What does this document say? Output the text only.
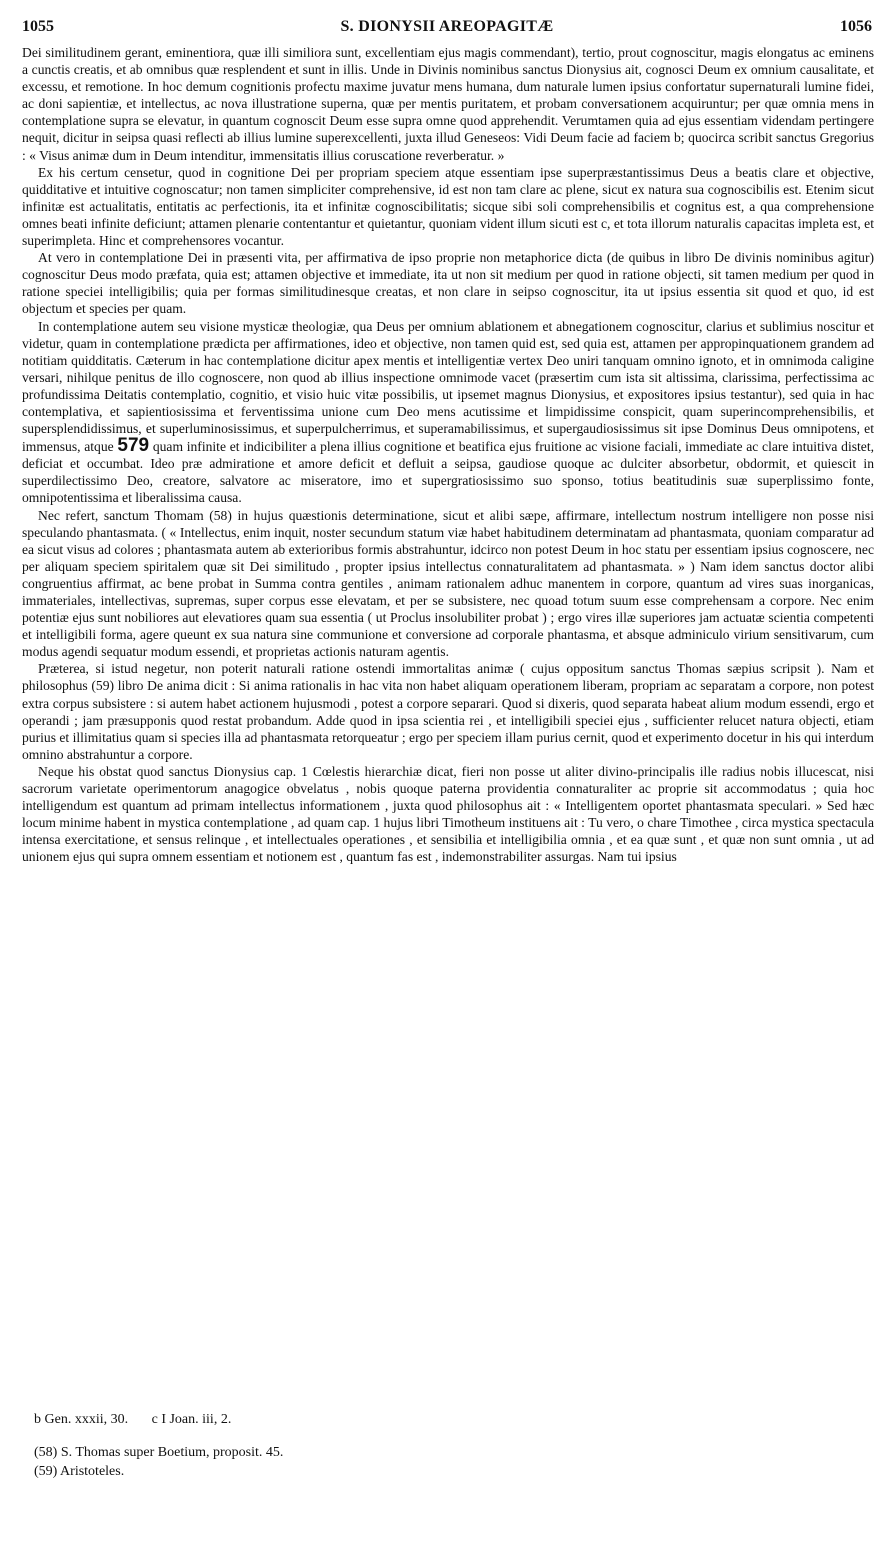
1055	S. DIONYSII AREOPAGITÆ	1056

Dei similitudinem gerant, eminentiora, quæ illi similiora sunt, excellentiam ejus magis commendant), tertio, prout cognoscitur, magis elongatus ac eminens a cunctis creatis, et ab omnibus quæ resplendent et sunt in illis. Unde in Divinis nominibus sanctus Dionysius ait, cognosci Deum ex omnium causalitate, et excessu, et remotione. In hoc demum cognitionis profectu maxime juvatur mens humana, dum naturale lumen ipsius confortatur supernaturali lumine fidei, ac doni sapientiæ, et intellectus, ac nova illustratione superna, quæ per mentis puritatem, et probam conversationem acquiruntur; per quæ omnia mens in contemplatione supra se elevatur, in quantum cognoscit Deum esse supra omne quod apprehendit. Verumtamen quia ad ejus essentiam videndam pertingere nequit, dicitur in seipsa quasi reflecti ab illius lumine superexcellenti, juxta illud Geneseos: Vidi Deum facie ad faciem b; quocirca scribit sanctus Gregorius : « Visus animæ dum in Deum intenditur, immensitatis illius coruscatione reverberatur. »

Ex his certum censetur, quod in cognitione Dei per propriam speciem atque essentiam ipse superpræstantissimus Deus a beatis clare et objective, quidditative et intuitive cognoscatur; non tamen simpliciter comprehensive, id est non tam clare ac plene, sicut ex natura sua cognoscibilis est. Etenim sicut infinitæ est actualitatis, entitatis ac perfectionis, ita et infinitæ cognoscibilitatis; sicque sibi soli comprehensibilis et cognitus est, a qua comprehensione omnes beati infinite deficiunt; attamen plenarie contentantur et quietantur, quoniam vident illum sicuti est c, et tota illorum naturalis capacitas impleta est, et superimpleta. Hinc et comprehensores vocantur.

At vero in contemplatione Dei in præsenti vita, per affirmativa de ipso proprie non metaphorice dicta (de quibus in libro De divinis nominibus agitur) cognoscitur Deus modo præfata, quia est; attamen objective et immediate, ita ut non sit medium per quod in ratione objecti, sit tamen medium per quod in ratione speciei intelligibilis; quia per formas similitudinesque creatas, et non clare in seipso cognoscitur, ita ut ipsius essentia sit quod et quo, id est objectum et species per quam.

In contemplatione autem seu visione mysticæ theologiæ, qua Deus per omnium ablationem et abnegationem cognoscitur, clarius et sublimius noscitur et videtur, quam in contemplatione prædicta per affirmationes, ideo et objective, non tamen quid est, sed quia est, attamen per appropinquationem grandem ad notitiam quidditatis. Cæterum in hac contemplatione dicitur apex mentis et intelligentiæ vertex Deo uniri tanquam omnino ignoto, et in omnimoda caligine versari, nihilque penitus de illo cognoscere, non quod ab illius inspectione omnimode vacet (præsertim cum ista sit altissima, clarissima, perfectissima ac profundissima Deitatis contemplatio, cognitio, et visio huic vitæ possibilis, ut ipsemet magnus Dionysius, et expositores ipsius testantur), sed quia in hac contemplativa, et sapientiosissima et ferventissima unione cum Deo mens acutissime et limpidissime conspicit, quam superincomprehensibilis, et supersplendidissimus, et superluminosissimus, et superpulcherrimus, et superamabilissimus, et supergaudiosissimus sit ipse Dominus Deus omnipotens, et immensus, atque 579 quam infinite et indicibiliter a plena illius cognitione et beatifica ejus fruitione ac visione faciali, immediate ac clare intuitiva distet, deficiat et occumbat. Ideo præ admiratione et amore deficit et defluit a seipsa, gaudiose quoque ac dulciter absorbetur, obdormit, et quiescit in superdilectissimo Deo, creatore, salvatore ac miseratore, imo et supergratiosissimo suo sponso, totius beatitudinis suæ superplissimo fonte, omnipotentissima et liberalissima causa.

Nec refert, sanctum Thomam (58) in hujus quæstionis determinatione, sicut et alibi sæpe, affirmare, intellectum nostrum intelligere non posse nisi speculando phantasmata. ( « Intellectus, enim inquit, noster secundum statum viæ habet habitudinem determinatam ad phantasmata, quoniam comparatur ad ea sicut visus ad colores ; phantasmata autem ab exterioribus formis abstrahuntur, idcirco non potest Deum in hoc statu per essentiam ipsius cognoscere, nec per aliquam speciem spiritalem quæ sit Dei similitudo , propter ipsius intellectus connaturalitatem ad phantasmata. » ) Nam idem sanctus doctor alibi congruentius affirmat, ac bene probat in Summa contra gentiles , animam rationalem adhuc manentem in corpore, quantum ad vires suas inorganicas, immateriales, intellectivas, supremas, super corpus esse elevatam, et per se subsistere, nec quoad totum suum esse comprehensam a corpore. Nec enim potentiæ ejus sunt nobiliores aut elevatiores quam sua essentia ( ut Proclus insolubiliter probat ) ; ergo vires illæ superiores jam actuatæ scientia competenti et intelligibili forma, agere queunt ex sua natura sine communione et conversione ad corporale phantasma, et absque adminiculo virium sensitivarum, cum modus agendi sequatur modum essendi, et proprietas actionis naturam agentis.

Præterea, si istud negetur, non poterit naturali ratione ostendi immortalitas animæ ( cujus oppositum sanctus Thomas sæpius scripsit ). Nam et philosophus (59) libro De anima dicit : Si anima rationalis in hac vita non habet aliquam operationem liberam, propriam ac separatam a corpore, non potest extra corpus subsistere : si autem habet actionem hujusmodi , potest a corpore separari. Quod si dixeris, quod separata habeat alium modum essendi, ergo et operandi ; jam præsupponis quod restat probandum. Adde quod in ipsa scientia rei , et intelligibili speciei ejus , sufficienter relucet natura objecti, etiam purius et illimitatius quam si species illa ad phantasmata retorqueatur ; ergo per speciem illam purius cernit, quod et experimento docetur in his qui interdum omnino abstrahuntur a corpore.

Neque his obstat quod sanctus Dionysius cap. 1 Cœlestis hierarchiæ dicat, fieri non posse ut aliter divino-principalis ille radius nobis illucescat, nisi sacrorum varietate operimentorum anagogice obvelatus , nobis quoque paterna providentia connaturaliter ac proprie sit accommodatus ; quia hoc intelligendum est quantum ad primam intellectus informationem , juxta quod philosophus ait : « Intelligentem oportet phantasmata speculari. » Sed hæc locum minime habent in mystica contemplatione , ad quam cap. 1 hujus libri Timotheum instituens ait : Tu vero, o chare Timothee , circa mystica spectacula intensa exercitatione, et sensus relinque , et intellectuales operationes , et sensibilia et intelligibilia omnia , et ea quæ sunt , et quæ non sunt omnia , ut ad unionem ejus qui supra omnem essentiam et notionem est , quantum fas est , indemonstrabiliter assurgas. Nam tui ipsius

b Gen. xxxii, 30. c I Joan. iii, 2.

(58) S. Thomas super Boetium, proposit. 45.

(59) Aristoteles.
